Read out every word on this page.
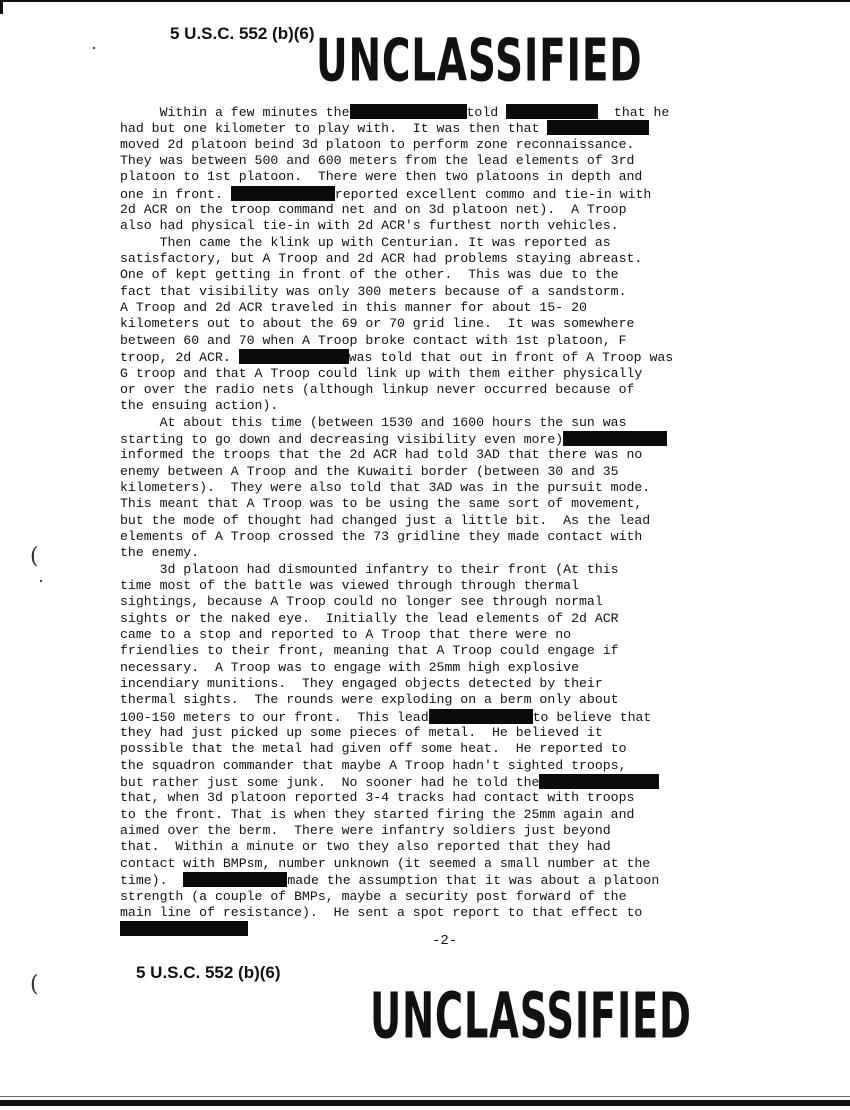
5 U.S.C. 552 (b)(6) UNCLASSIFIED
Within a few minutes the	told	that he
had but one kilometer to play with.  It was then that
moved 2d platoon beind 3d platoon to perform zone reconnaissance.
They was between 500 and 600 meters from the lead elements of 3rd
platoon to 1st platoon.  There were then two platoons in depth and
one in front.	reported excellent commo and tie-in with
2d ACR on the troop command net and on 3d platoon net).  A Troop
also had physical tie-in with 2d ACR's furthest north vehicles.
Then came the klink up with Centurian. It was reported as
satisfactory, but A Troop and 2d ACR had problems staying abreast.
One of kept getting in front of the other.  This was due to the
fact that visibility was only 300 meters because of a sandstorm.
A Troop and 2d ACR traveled in this manner for about 15- 20
kilometers out to about the 69 or 70 grid line.  It was somewhere
between 60 and 70 when A Troop broke contact with 1st platoon, F
troop, 2d ACR.	was told that out in front of A Troop was
G troop and that A Troop could link up with them either physically
or over the radio nets (although linkup never occurred because of
the ensuing action).
At about this time (between 1530 and 1600 hours the sun was
starting to go down and decreasing visibility even more)
informed the troops that the 2d ACR had told 3AD that there was no
enemy between A Troop and the Kuwaiti border (between 30 and 35
kilometers).  They were also told that 3AD was in the pursuit mode.
This meant that A Troop was to be using the same sort of movement,
but the mode of thought had changed just a little bit.  As the lead
elements of A Troop crossed the 73 gridline they made contact with
the enemy.
3d platoon had dismounted infantry to their front (At this
time most of the battle was viewed through through thermal
sightings, because A Troop could no longer see through normal
sights or the naked eye.  Initially the lead elements of 2d ACR
came to a stop and reported to A Troop that there were no
friendlies to their front, meaning that A Troop could engage if
necessary.  A Troop was to engage with 25mm high explosive
incendiary munitions.  They engaged objects detected by their
thermal sights.  The rounds were exploding on a berm only about
100-150 meters to our front.  This lead	to believe that
they had just picked up some pieces of metal.  He believed it
possible that the metal had given off some heat.  He reported to
the squadron commander that maybe A Troop hadn't sighted troops,
but rather just some junk.  No sooner had he told the
that, when 3d platoon reported 3-4 tracks had contact with troops
to the front. That is when they started firing the 25mm again and
aimed over the berm.  There were infantry soldiers just beyond
that.  Within a minute or two they also reported that they had
contact with BMPsm, number unknown (it seemed a small number at the
time).	made the assumption that it was about a platoon
strength (a couple of BMPs, maybe a security post forward of the
main line of resistance).  He sent a spot report to that effect to
-2-
5 U.S.C. 552 (b)(6)
UNCLASSIFIED
(
(
